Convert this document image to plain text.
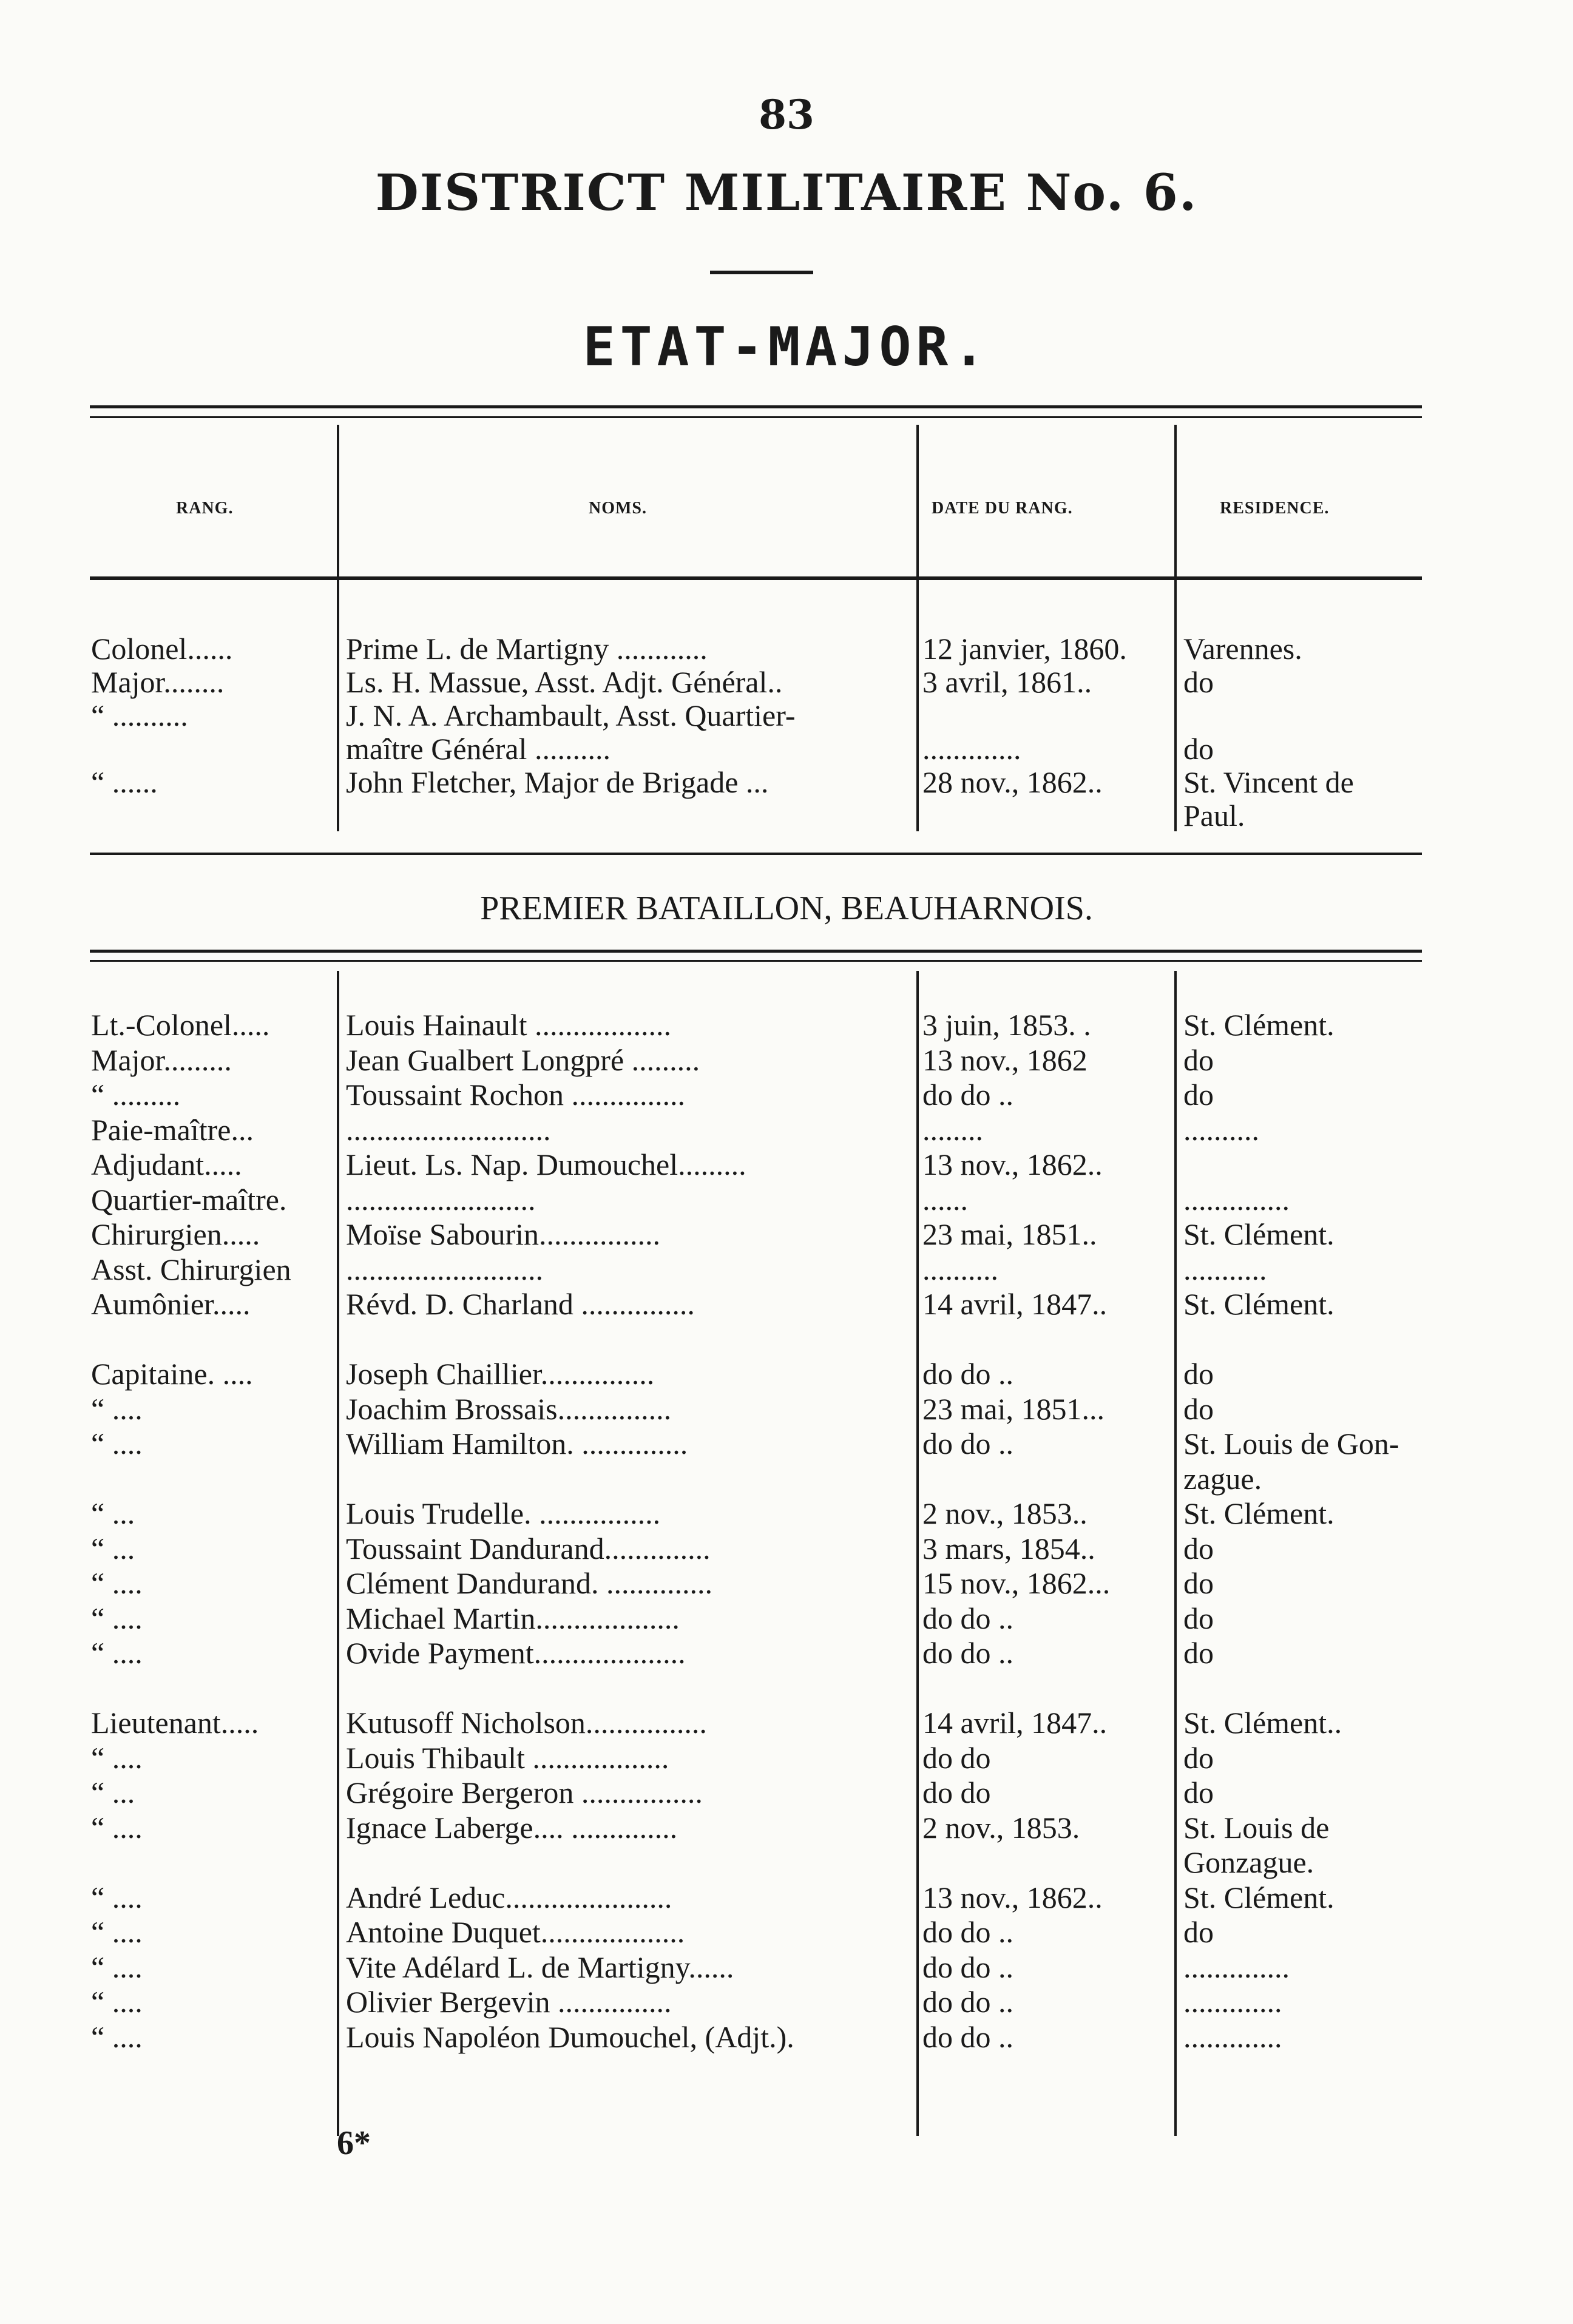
83
DISTRICT MILITAIRE No. 6.
ETAT-MAJOR.
RANG.	NOMS.	DATE DU RANG.	RESIDENCE.
Colonel......	Prime L. de Martigny ............	12 janvier, 1860. Varennes.
Major........	Ls. H. Massue, Asst. Adjt. Général..	3 avril, 1861..	do
“ ..........	J. N. A. Archambault, Asst. Quartier-
maître Général ..........	.............	do
“ ......	John Fletcher, Major de Brigade ...	28 nov., 1862..	St. Vincent de
Paul.
PREMIER BATAILLON, BEAUHARNOIS.
Lt.-Colonel.....	Louis Hainault ..................	3 juin, 1853. .	St. Clément.
Major.........	Jean Gualbert Longpré .........	13 nov., 1862	do
“ .........	Toussaint Rochon ...............	do do ..	do
Paie-maître...	...........................	........	..........
Adjudant.....	Lieut. Ls. Nap. Dumouchel.........	13 nov., 1862..
Quartier-maître. .........................	......	..............
Chirurgien.....	Moïse Sabourin................	23 mai, 1851..	St. Clément.
Asst. Chirurgien ..........................	..........	...........
Aumônier.....	Révd. D. Charland ...............	14 avril, 1847..	St. Clément.
Capitaine. ....	Joseph Chaillier...............	do do ..	do
“ ....	Joachim Brossais...............	23 mai, 1851...	do
“ ....	William Hamilton. ..............	do do ..	St. Louis de Gon-
zague.
“ ...	Louis Trudelle. ................	2 nov., 1853..	St. Clément.
“ ...	Toussaint Dandurand..............	3 mars, 1854..	do
“ ....	Clément Dandurand. ..............	15 nov., 1862... do
“ ....	Michael Martin...................	do do ..	do
“ ....	Ovide Payment....................	do do ..	do
Lieutenant.....	Kutusoff Nicholson................	14 avril, 1847..	St. Clément..
“ ....	Louis Thibault ..................	do do	do
“ ...	Grégoire Bergeron ................	do do	do
“ ....	Ignace Laberge.... ..............	2 nov., 1853.	St. Louis de
Gonzague.
“ ....	André Leduc......................	13 nov., 1862..	St. Clément.
“ ....	Antoine Duquet...................	do do ..	do
“ ....	Vite Adélard L. de Martigny......	do do ..	..............
“ ....	Olivier Bergevin ...............	do do ..	.............
“ ....	Louis Napoléon Dumouchel, (Adjt.).	do do ..	.............
6*
